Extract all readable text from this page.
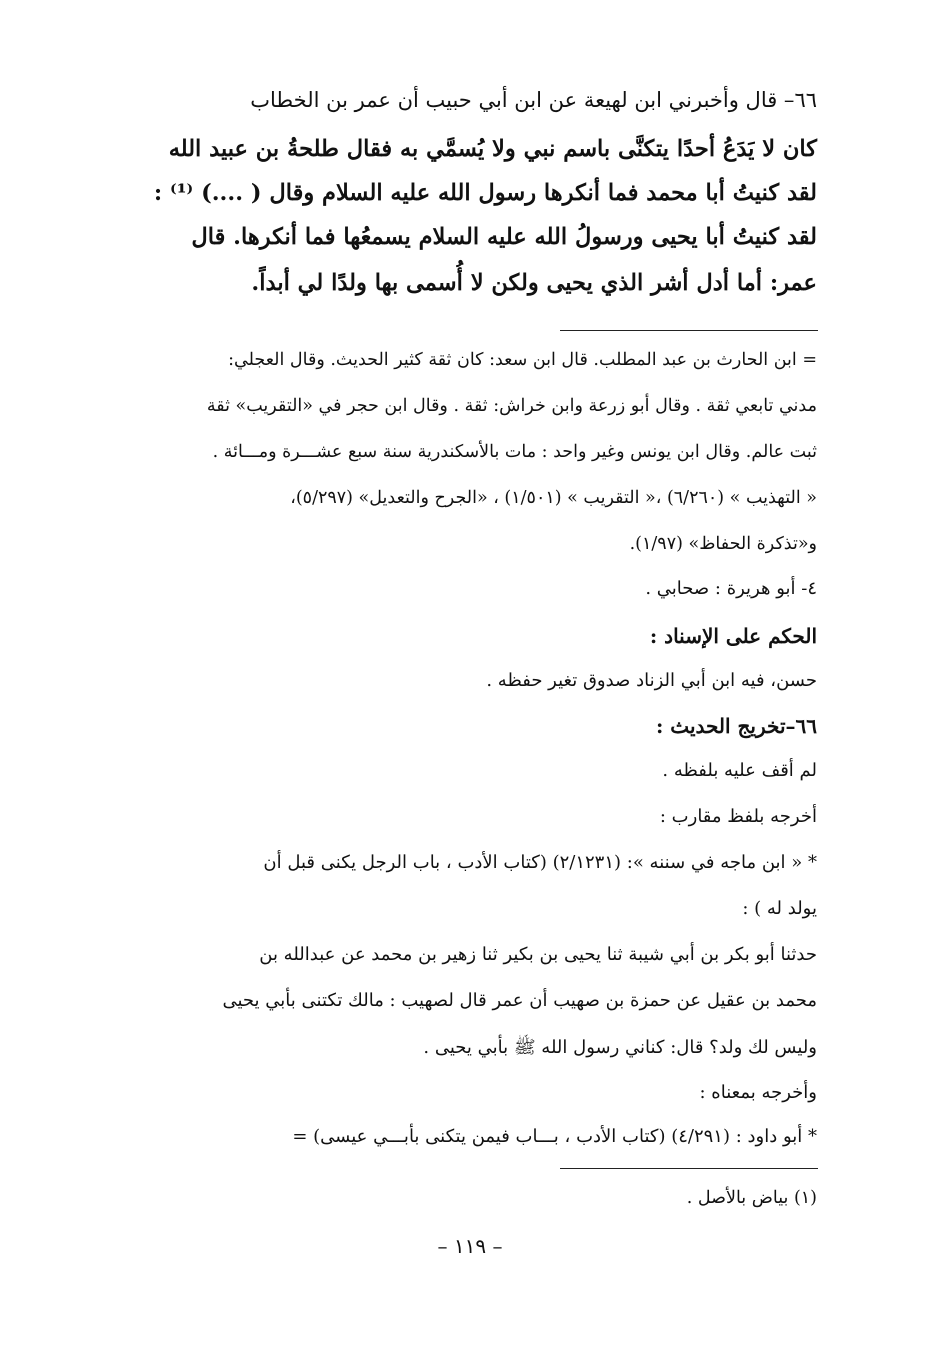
٦٦– قال وأخبرني ابن لهيعة عن ابن أبي حبيب أن عمر بن الخطاب
كان لا يَدَعُ أحدًا يتكنَّى باسم نبي ولا يُسمَّي به فقال طلحةُ بن عبيد الله
لقد كنيتُ أبا محمد فما أنكرها رسول الله عليه السلام وقال ( ....) ⁽¹⁾ :
لقد كنيتُ أبا يحيى ورسولُ الله عليه السلام يسمعُها فما أنكرها. قال
عمر: أما أدل أشر الذي يحيى ولكن لا أُسمى بها ولدًا لي أبداً.
= ابن الحارث بن عبد المطلب. قال ابن سعد: كان ثقة كثير الحديث. وقال العجلي:
مدني تابعي ثقة . وقال أبو زرعة وابن خراش: ثقة . وقال ابن حجر في «التقريب» ثقة
ثبت عالم. وقال ابن يونس وغير واحد : مات بالأسكندرية سنة سبع عشـــرة ومـــائة .
« التهذيب » (٦/٢٦٠) ،« التقريب » (١/٥٠١) ، «الجرح والتعديل» (٥/٢٩٧)،
و«تذكرة الحفاظ» (١/٩٧).
٤- أبو هريرة : صحابي .
الحكم على الإسناد :
حسن، فيه ابن أبي الزناد صدوق تغير حفظه .
٦٦–تخريج الحديث :
لم أقف عليه بلفظه .
أخرجه بلفظ مقارب :
* « ابن ماجه في سننه »: (٢/١٢٣١) (كتاب الأدب ، باب الرجل يكنى قبل أن
يولد له ) :
حدثنا أبو بكر بن أبي شيبة ثنا يحيى بن بكير ثنا زهير بن محمد عن عبدالله بن
محمد بن عقيل عن حمزة بن صهيب أن عمر قال لصهيب : مالك تكتنى بأبي يحيى
وليس لك ولد؟ قال: كناني رسول الله ﷺ بأبي يحيى .
وأخرجه بمعناه :
* أبو داود : (٤/٢٩١) (كتاب الأدب ، بـــاب فيمن يتكنى بأبـــي عيسى) =
(١) بياض بالأصل .
– ١١٩ –
